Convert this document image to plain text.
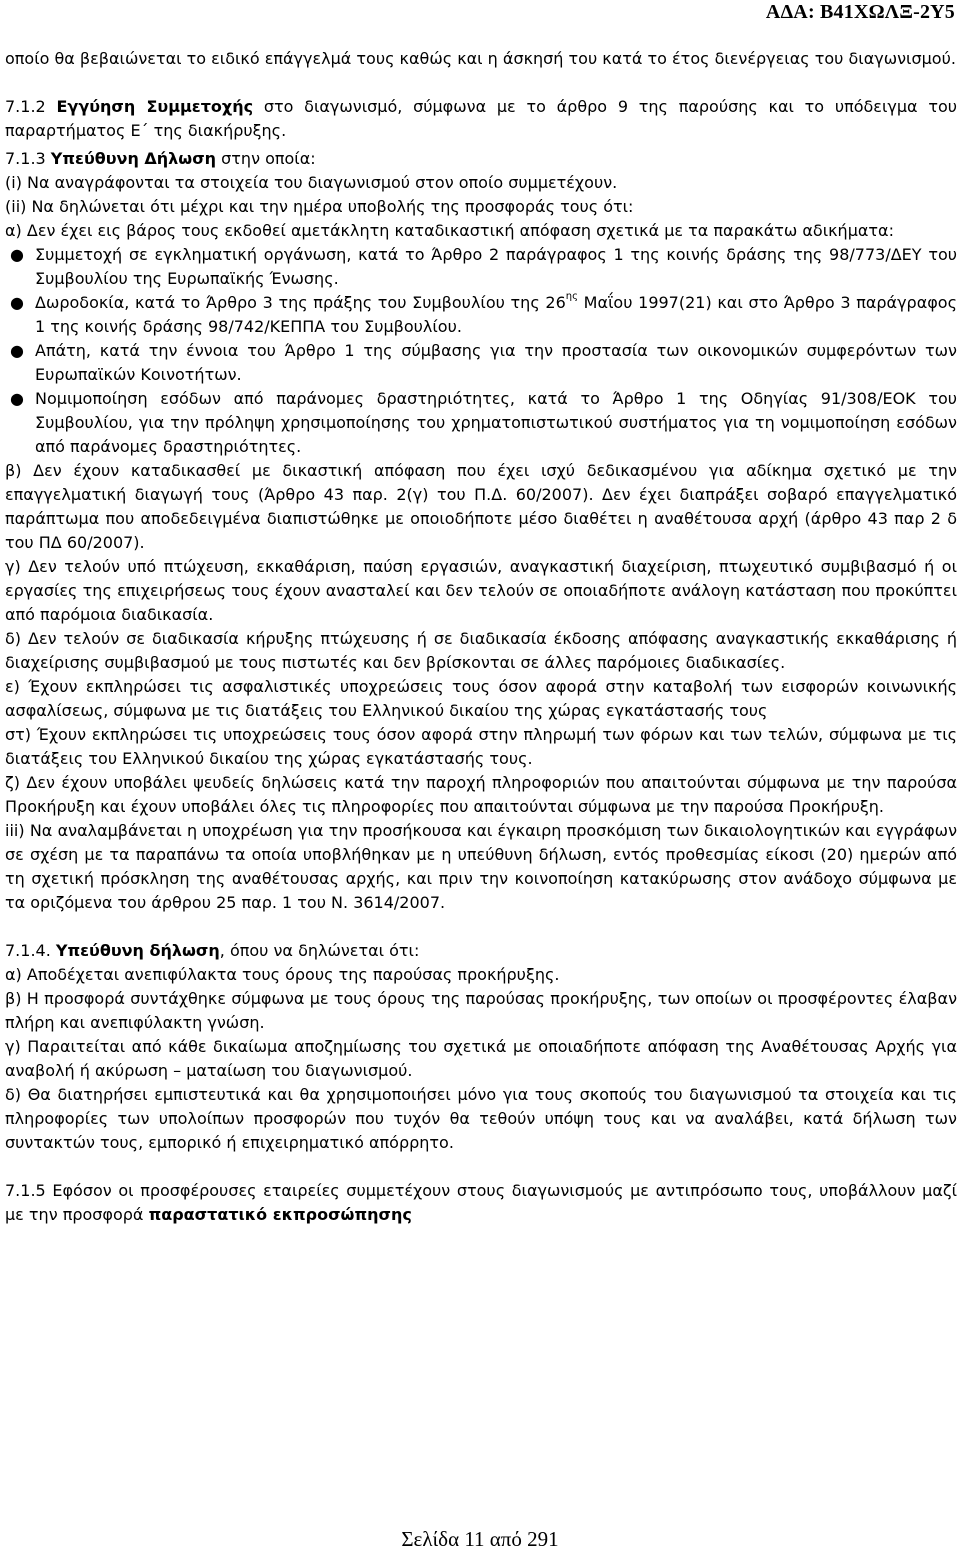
ΑΔΑ: Β41ΧΩΛΞ-2Υ5

οποίο θα βεβαιώνεται το ειδικό επάγγελμά τους καθώς και η άσκησή του κατά το έτος διενέργειας του διαγωνισμού.

7.1.2 Εγγύηση Συμμετοχής στο διαγωνισμό, σύμφωνα με το άρθρο 9 της παρούσης και το υπόδειγμα του παραρτήματος Ε΄ της διακήρυξης.

7.1.3 Υπεύθυνη Δήλωση στην οποία:

(i) Να αναγράφονται τα στοιχεία του διαγωνισμού στον οποίο συμμετέχουν.

(ii) Να δηλώνεται ότι μέχρι και την ημέρα υποβολής της προσφοράς τους ότι:

α) Δεν έχει εις βάρος τους εκδοθεί αμετάκλητη καταδικαστική απόφαση σχετικά με τα παρακάτω αδικήματα:

● Συμμετοχή σε εγκληματική οργάνωση, κατά το Άρθρο 2 παράγραφος 1 της κοινής δράσης της 98/773/ΔΕΥ του Συμβουλίου της Ευρωπαϊκής Ένωσης.
● Δωροδοκία, κατά το Άρθρο 3 της πράξης του Συμβουλίου της $26^{\eta\varsigma}$ Μαΐου 1997(21) και στο Άρθρο 3 παράγραφος 1 της κοινής δράσης 98/742/ΚΕΠΠΑ του Συμβουλίου.
● Απάτη, κατά την έννοια του Άρθρο 1 της σύμβασης για την προστασία των οικονομικών συμφερόντων των Ευρωπαϊκών Κοινοτήτων.
● Νομιμοποίηση εσόδων από παράνομες δραστηριότητες, κατά το Άρθρο 1 της Οδηγίας 91/308/ΕΟΚ του Συμβουλίου, για την πρόληψη χρησιμοποίησης του χρηματοπιστωτικού συστήματος για τη νομιμοποίηση εσόδων από παράνομες δραστηριότητες.

β) Δεν έχουν καταδικασθεί με δικαστική απόφαση που έχει ισχύ δεδικασμένου για αδίκημα σχετικό με την επαγγελματική διαγωγή τους (Άρθρο 43 παρ. 2(γ) του Π.Δ. 60/2007). Δεν έχει διαπράξει σοβαρό επαγγελματικό παράπτωμα που αποδεδειγμένα διαπιστώθηκε με οποιοδήποτε μέσο διαθέτει η αναθέτουσα αρχή (άρθρο 43 παρ 2 δ του ΠΔ 60/2007).

γ) Δεν τελούν υπό πτώχευση, εκκαθάριση, παύση εργασιών, αναγκαστική διαχείριση, πτωχευτικό συμβιβασμό ή οι εργασίες της επιχειρήσεως τους έχουν ανασταλεί και δεν τελούν σε οποιαδήποτε ανάλογη κατάσταση που προκύπτει από παρόμοια διαδικασία.

δ) Δεν τελούν σε διαδικασία κήρυξης πτώχευσης ή σε διαδικασία έκδοσης απόφασης αναγκαστικής εκκαθάρισης ή διαχείρισης συμβιβασμού με τους πιστωτές και δεν βρίσκονται σε άλλες παρόμοιες διαδικασίες.

ε) Έχουν εκπληρώσει τις ασφαλιστικές υποχρεώσεις τους όσον αφορά στην καταβολή των εισφορών κοινωνικής ασφαλίσεως, σύμφωνα με τις διατάξεις του Ελληνικού δικαίου της χώρας εγκατάστασής τους

στ) Έχουν εκπληρώσει τις υποχρεώσεις τους όσον αφορά στην πληρωμή των φόρων και των τελών, σύμφωνα με τις διατάξεις του Ελληνικού δικαίου της χώρας εγκατάστασής τους.

ζ) Δεν έχουν υποβάλει ψευδείς δηλώσεις κατά την παροχή πληροφοριών που απαιτούνται σύμφωνα με την παρούσα Προκήρυξη και έχουν υποβάλει όλες τις πληροφορίες που απαιτούνται σύμφωνα με την παρούσα Προκήρυξη.

iii) Να αναλαμβάνεται η υποχρέωση για την προσήκουσα και έγκαιρη προσκόμιση των δικαιολογητικών και εγγράφων σε σχέση με τα παραπάνω τα οποία υποβλήθηκαν με η υπεύθυνη δήλωση, εντός προθεσμίας είκοσι (20) ημερών από τη σχετική πρόσκληση της αναθέτουσας αρχής, και πριν την κοινοποίηση κατακύρωσης στον ανάδοχο σύμφωνα με τα οριζόμενα του άρθρου 25 παρ. 1 του Ν. 3614/2007.

7.1.4. Υπεύθυνη δήλωση, όπου να δηλώνεται ότι:

α) Αποδέχεται ανεπιφύλακτα τους όρους της παρούσας προκήρυξης.

β) Η προσφορά συντάχθηκε σύμφωνα με τους όρους της παρούσας προκήρυξης, των οποίων οι προσφέροντες έλαβαν πλήρη και ανεπιφύλακτη γνώση.

γ) Παραιτείται από κάθε δικαίωμα αποζημίωσης του σχετικά με οποιαδήποτε απόφαση της Αναθέτουσας Αρχής για αναβολή ή ακύρωση – ματαίωση του διαγωνισμού.

δ) Θα διατηρήσει εμπιστευτικά και θα χρησιμοποιήσει μόνο για τους σκοπούς του διαγωνισμού τα στοιχεία και τις πληροφορίες των υπολοίπων προσφορών που τυχόν θα τεθούν υπόψη τους και να αναλάβει, κατά δήλωση των συντακτών τους, εμπορικό ή επιχειρηματικό απόρρητο.

7.1.5 Εφόσον οι προσφέρουσες εταιρείες συμμετέχουν στους διαγωνισμούς με αντιπρόσωπο τους, υποβάλλουν μαζί με την προσφορά παραστατικό εκπροσώπησης

Σελίδα 11 από 291
